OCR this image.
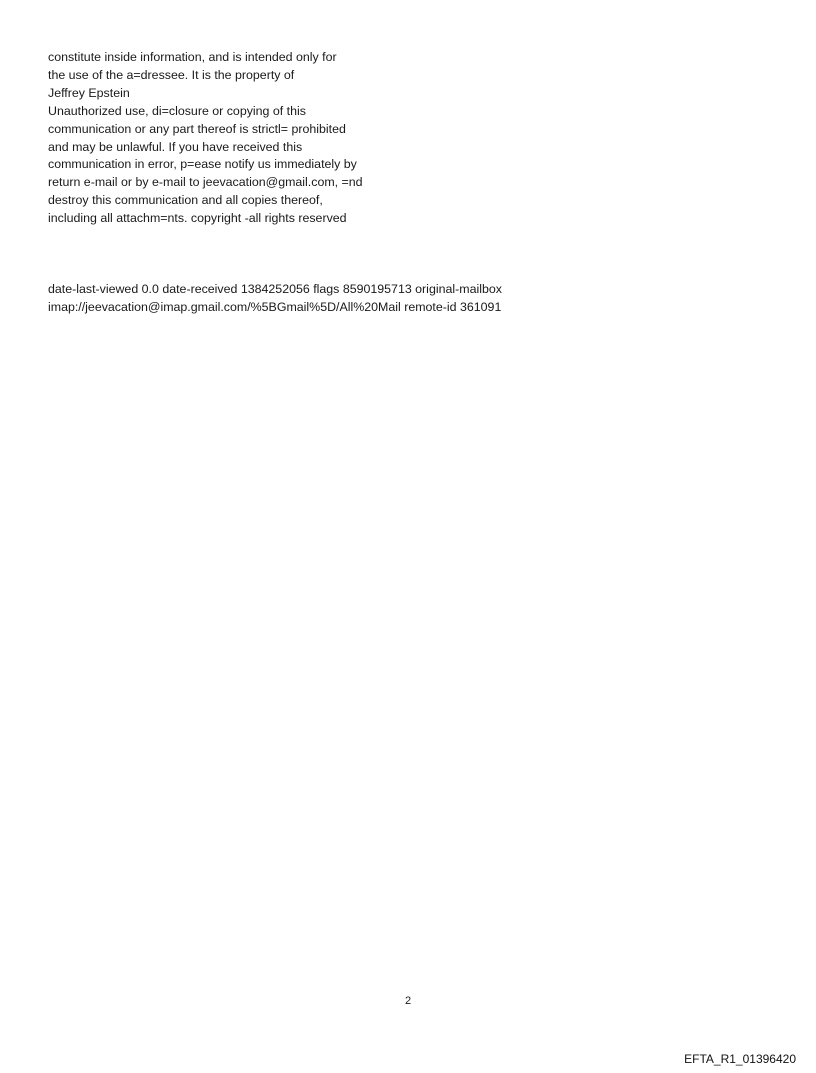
constitute inside information, and is intended only for
the use of the a=dressee. It is the property of
Jeffrey Epstein
Unauthorized use, di=closure or copying of this
communication or any part thereof is strictl= prohibited
and may be unlawful. If you have received this
communication in error, p=ease notify us immediately by
return e-mail or by e-mail to jeevacation@gmail.com, =nd
destroy this communication and all copies thereof,
including all attachm=nts. copyright -all rights reserved
date-last-viewed 0.0 date-received 1384252056 flags 8590195713 original-mailbox
imap://jeevacation@imap.gmail.com/%5BGmail%5D/All%20Mail remote-id 361091
2
EFTA_R1_01396420
